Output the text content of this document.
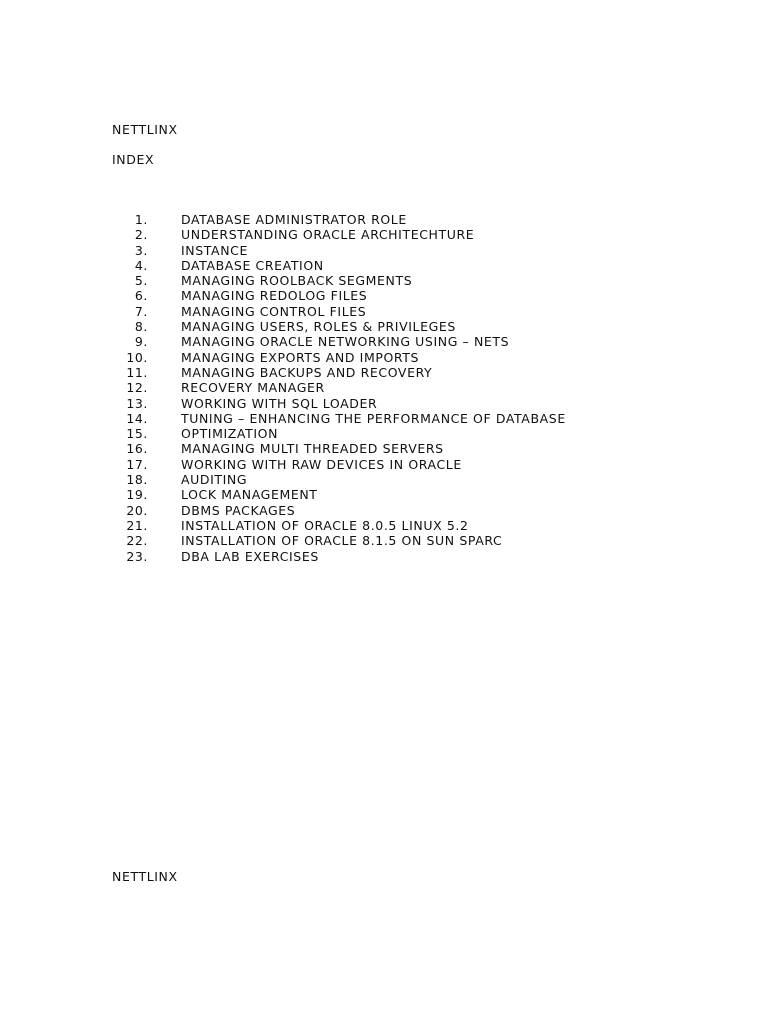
NETTLINX
INDEX
1.	DATABASE ADMINISTRATOR ROLE
2.	UNDERSTANDING ORACLE ARCHITECHTURE
3.	INSTANCE
4.	DATABASE CREATION
5.	MANAGING ROOLBACK SEGMENTS
6.	MANAGING REDOLOG FILES
7.	MANAGING CONTROL FILES
8.	MANAGING USERS, ROLES & PRIVILEGES
9.	MANAGING ORACLE NETWORKING USING – NETS
10.	MANAGING EXPORTS AND IMPORTS
11.	MANAGING BACKUPS AND RECOVERY
12.	RECOVERY MANAGER
13.	WORKING WITH SQL LOADER
14.	TUNING – ENHANCING THE PERFORMANCE OF DATABASE
15.	OPTIMIZATION
16.	MANAGING MULTI THREADED SERVERS
17.	WORKING WITH RAW DEVICES IN ORACLE
18.	AUDITING
19.	LOCK MANAGEMENT
20.	DBMS PACKAGES
21.	INSTALLATION OF ORACLE 8.0.5 LINUX 5.2
22.	INSTALLATION OF ORACLE 8.1.5 ON SUN SPARC
23.	DBA LAB EXERCISES
NETTLINX
